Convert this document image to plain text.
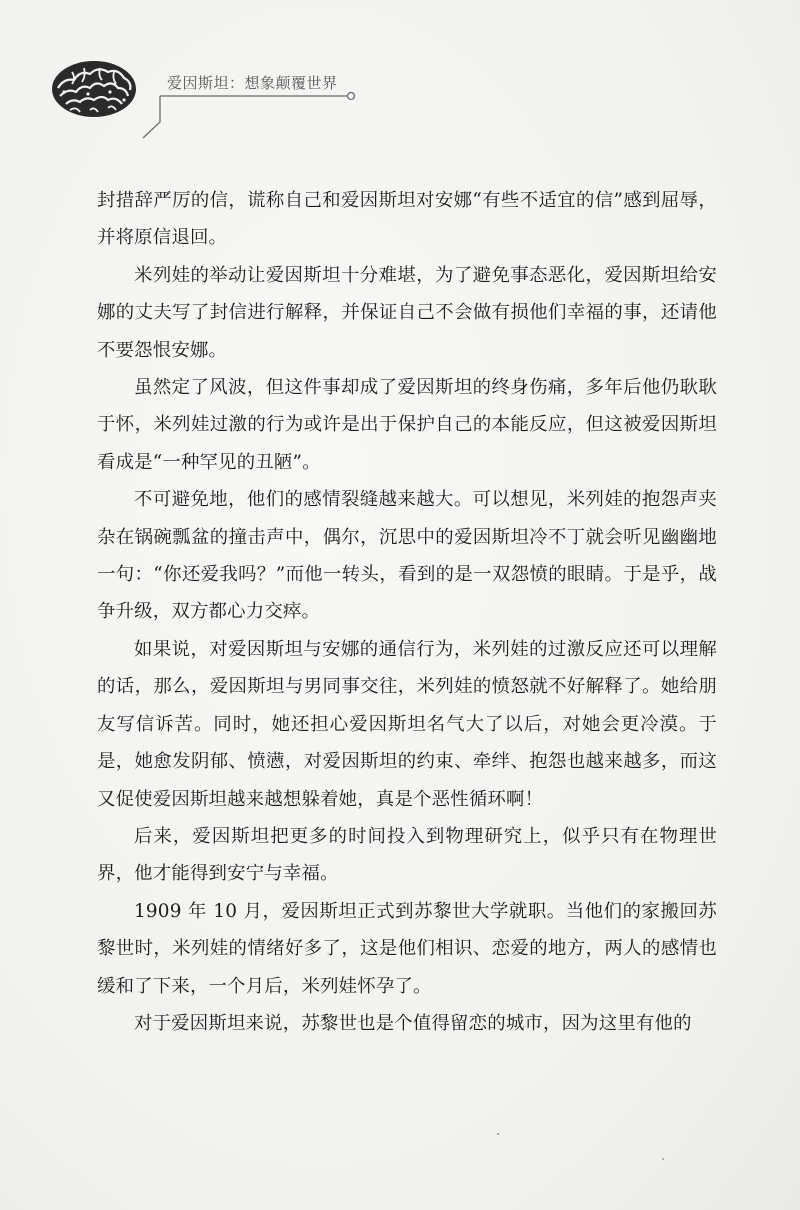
爱因斯坦：想象颠覆世界

封措辞严厉的信，谎称自己和爱因斯坦对安娜“有些不适宜的信”感到屈辱，并将原信退回。

米列娃的举动让爱因斯坦十分难堪，为了避免事态恶化，爱因斯坦给安娜的丈夫写了封信进行解释，并保证自己不会做有损他们幸福的事，还请他不要怨恨安娜。

虽然定了风波，但这件事却成了爱因斯坦的终身伤痛，多年后他仍耿耿于怀，米列娃过激的行为或许是出于保护自己的本能反应，但这被爱因斯坦看成是“一种罕见的丑陋”。

不可避免地，他们的感情裂缝越来越大。可以想见，米列娃的抱怨声夹杂在锅碗瓢盆的撞击声中，偶尔，沉思中的爱因斯坦冷不丁就会听见幽幽地一句：“你还爱我吗？”而他一转头，看到的是一双怨愤的眼睛。于是乎，战争升级，双方都心力交瘁。

如果说，对爱因斯坦与安娜的通信行为，米列娃的过激反应还可以理解的话，那么，爱因斯坦与男同事交往，米列娃的愤怒就不好解释了。她给朋友写信诉苦。同时，她还担心爱因斯坦名气大了以后，对她会更冷漠。于是，她愈发阴郁、愤懑，对爱因斯坦的约束、牵绊、抱怨也越来越多，而这又促使爱因斯坦越来越想躲着她，真是个恶性循环啊！

后来，爱因斯坦把更多的时间投入到物理研究上，似乎只有在物理世界，他才能得到安宁与幸福。

1909 年 10 月，爱因斯坦正式到苏黎世大学就职。当他们的家搬回苏黎世时，米列娃的情绪好多了，这是他们相识、恋爱的地方，两人的感情也缓和了下来，一个月后，米列娃怀孕了。

对于爱因斯坦来说，苏黎世也是个值得留恋的城市，因为这里有他的
